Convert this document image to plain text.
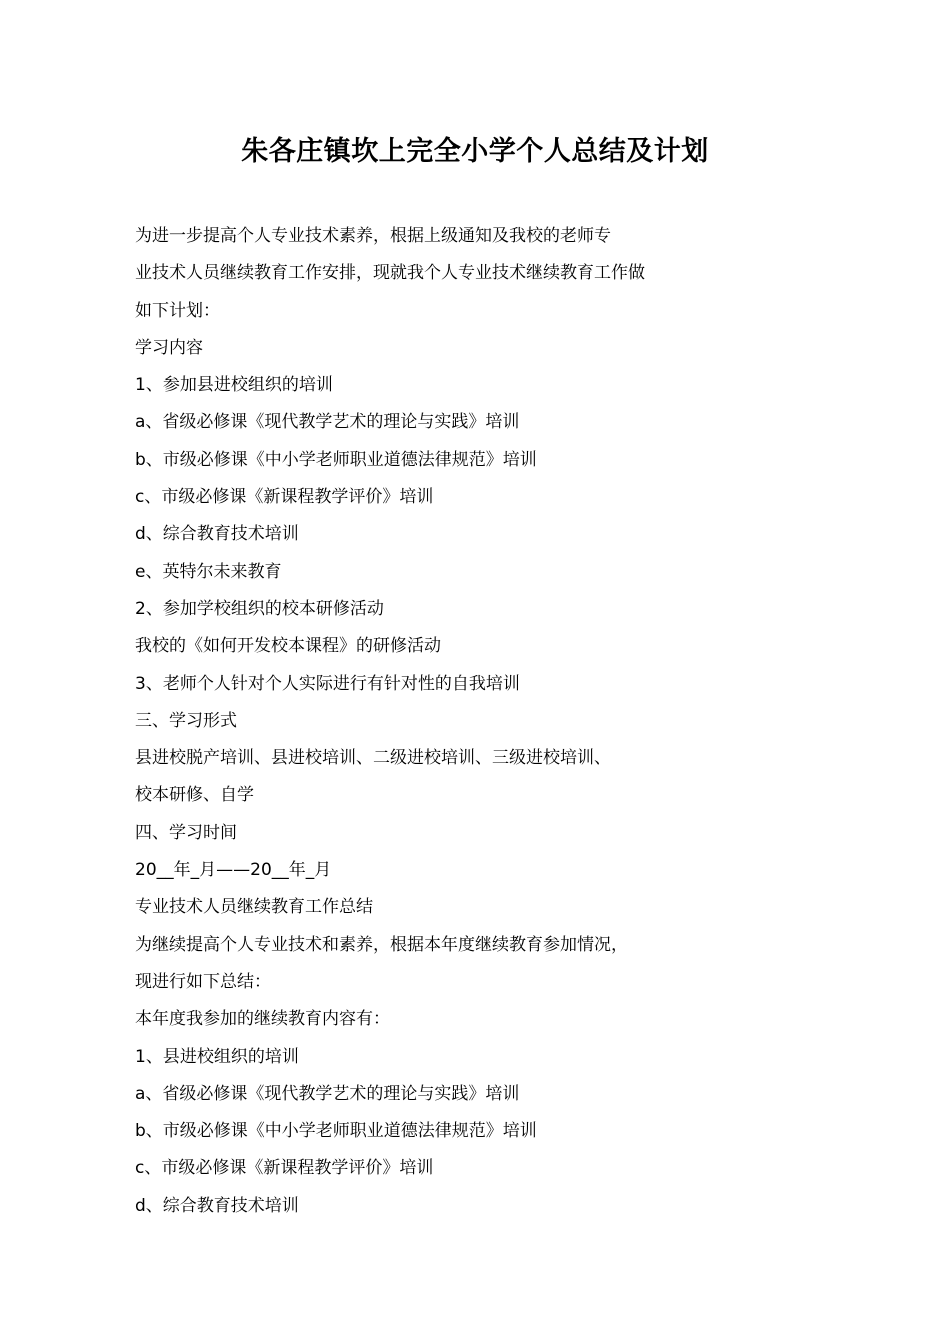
朱各庄镇坎上完全小学个人总结及计划

为进一步提高个人专业技术素养，根据上级通知及我校的老师专

业技术人员继续教育工作安排，现就我个人专业技术继续教育工作做

如下计划：

学习内容

1、参加县进校组织的培训

a、省级必修课《现代教学艺术的理论与实践》培训

b、市级必修课《中小学老师职业道德法律规范》培训

c、市级必修课《新课程教学评价》培训

d、综合教育技术培训

e、英特尔未来教育

2、参加学校组织的校本研修活动

我校的《如何开发校本课程》的研修活动

3、老师个人针对个人实际进行有针对性的自我培训

三、学习形式

县进校脱产培训、县进校培训、二级进校培训、三级进校培训、

校本研修、自学

四、学习时间

20__年_月——20__年_月

专业技术人员继续教育工作总结

为继续提高个人专业技术和素养，根据本年度继续教育参加情况，

现进行如下总结：

本年度我参加的继续教育内容有：

1、县进校组织的培训

a、省级必修课《现代教学艺术的理论与实践》培训

b、市级必修课《中小学老师职业道德法律规范》培训

c、市级必修课《新课程教学评价》培训

d、综合教育技术培训
